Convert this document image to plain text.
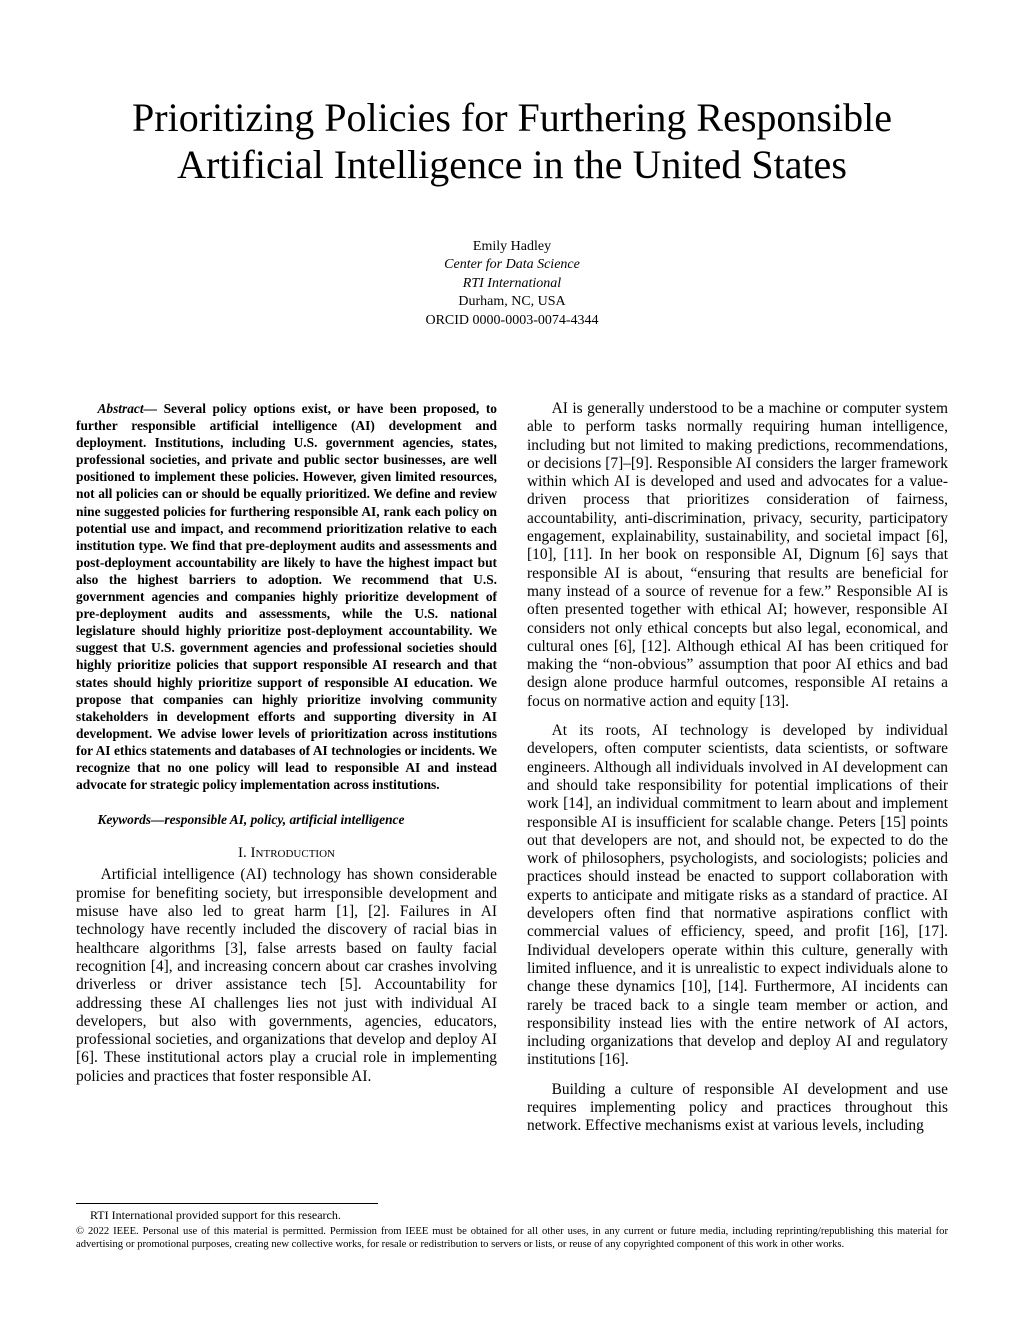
Prioritizing Policies for Furthering Responsible
Artificial Intelligence in the United States
Emily Hadley
Center for Data Science
RTI International
Durham, NC, USA
ORCID 0000-0003-0074-4344

Abstract— Several policy options exist, or have been proposed, to further responsible artificial intelligence (AI) development and deployment. Institutions, including U.S. government agencies, states, professional societies, and private and public sector businesses, are well positioned to implement these policies. However, given limited resources, not all policies can or should be equally prioritized. We define and review nine suggested policies for furthering responsible AI, rank each policy on potential use and impact, and recommend prioritization relative to each institution type. We find that pre-deployment audits and assessments and post-deployment accountability are likely to have the highest impact but also the highest barriers to adoption. We recommend that U.S. government agencies and companies highly prioritize development of pre-deployment audits and assessments, while the U.S. national legislature should highly prioritize post-deployment accountability. We suggest that U.S. government agencies and professional societies should highly prioritize policies that support responsible AI research and that states should highly prioritize support of responsible AI education. We propose that companies can highly prioritize involving community stakeholders in development efforts and supporting diversity in AI development. We advise lower levels of prioritization across institutions for AI ethics statements and databases of AI technologies or incidents. We recognize that no one policy will lead to responsible AI and instead advocate for strategic policy implementation across institutions.

Keywords—responsible AI, policy, artificial intelligence

I. Introduction

Artificial intelligence (AI) technology has shown considerable promise for benefiting society, but irresponsible development and misuse have also led to great harm [1], [2]. Failures in AI technology have recently included the discovery of racial bias in healthcare algorithms [3], false arrests based on faulty facial recognition [4], and increasing concern about car crashes involving driverless or driver assistance tech [5]. Accountability for addressing these AI challenges lies not just with individual AI developers, but also with governments, agencies, educators, professional societies, and organizations that develop and deploy AI [6]. These institutional actors play a crucial role in implementing policies and practices that foster responsible AI.

AI is generally understood to be a machine or computer system able to perform tasks normally requiring human intelligence, including but not limited to making predictions, recommendations, or decisions [7]–[9]. Responsible AI considers the larger framework within which AI is developed and used and advocates for a value-driven process that prioritizes consideration of fairness, accountability, anti-discrimination, privacy, security, participatory engagement, explainability, sustainability, and societal impact [6], [10], [11]. In her book on responsible AI, Dignum [6] says that responsible AI is about, “ensuring that results are beneficial for many instead of a source of revenue for a few.” Responsible AI is often presented together with ethical AI; however, responsible AI considers not only ethical concepts but also legal, economical, and cultural ones [6], [12]. Although ethical AI has been critiqued for making the “non-obvious” assumption that poor AI ethics and bad design alone produce harmful outcomes, responsible AI retains a focus on normative action and equity [13].

At its roots, AI technology is developed by individual developers, often computer scientists, data scientists, or software engineers. Although all individuals involved in AI development can and should take responsibility for potential implications of their work [14], an individual commitment to learn about and implement responsible AI is insufficient for scalable change. Peters [15] points out that developers are not, and should not, be expected to do the work of philosophers, psychologists, and sociologists; policies and practices should instead be enacted to support collaboration with experts to anticipate and mitigate risks as a standard of practice. AI developers often find that normative aspirations conflict with commercial values of efficiency, speed, and profit [16], [17]. Individual developers operate within this culture, generally with limited influence, and it is unrealistic to expect individuals alone to change these dynamics [10], [14]. Furthermore, AI incidents can rarely be traced back to a single team member or action, and responsibility instead lies with the entire network of AI actors, including organizations that develop and deploy AI and regulatory institutions [16].

Building a culture of responsible AI development and use requires implementing policy and practices throughout this network. Effective mechanisms exist at various levels, including

RTI International provided support for this research.
© 2022 IEEE. Personal use of this material is permitted. Permission from IEEE must be obtained for all other uses, in any current or future media, including reprinting/republishing this material for advertising or promotional purposes, creating new collective works, for resale or redistribution to servers or lists, or reuse of any copyrighted component of this work in other works.
